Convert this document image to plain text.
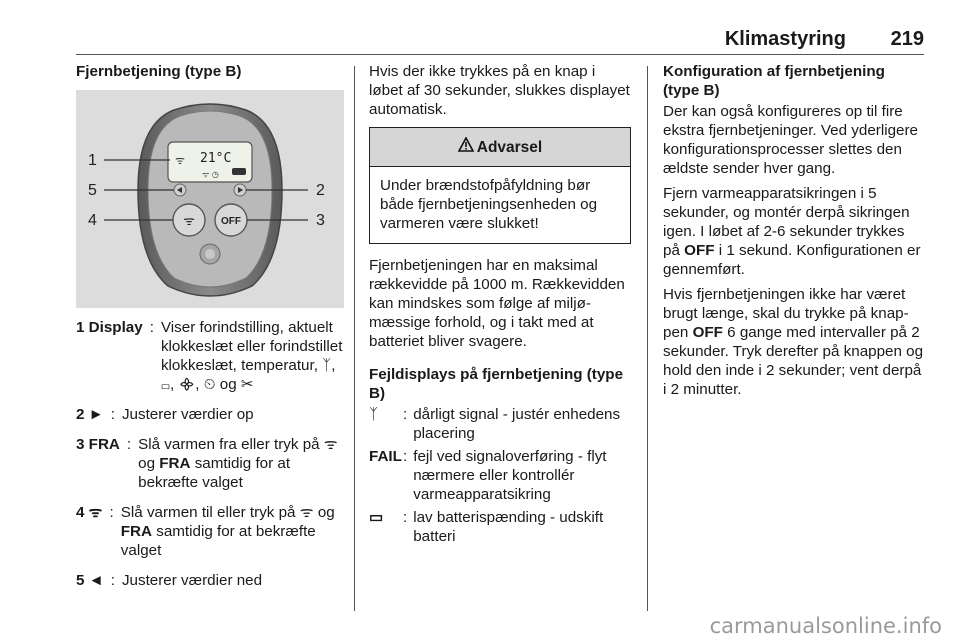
Klimastyring 219
Fjernbetjening (type B)
ᯤ 21°C
ᯤ ◷
ᯤ	OFF
1
2
3
4
5
1 Display : Viser forindstilling, aktuelt klokkeslæt eller forindstillet klokkeslæt, temperatur, ᛉ, ▭, ᯽, ⏲ og ✂
2 ► : Justerer værdier op
3 FRA : Slå varmen fra eller tryk på ᯤ og FRA samtidig for at bekræfte valget
4 ᯤ : Slå varmen til eller tryk på ᯤ og FRA samtidig for at bekræfte valget
5 ◄ : Justerer værdier ned

Hvis der ikke trykkes på en knap i løbet af 30 sekunder, slukkes displayet automatisk.

Advarsel
Under brændstofpåfyldning bør både fjernbetjeningsenheden og varmeren være slukket!

Fjernbetjeningen har en maksimal rækkevidde på 1000 m. Rækkevidden kan mindskes som følge af miljømæssige forhold, og i takt med at batteriet bliver svagere.

Fejldisplays på fjernbetjening (type B)
ᛉ	: dårligt signal - justér enhedens placering
FAIL : fejl ved signaloverføring - flyt nærmere eller kontrollér varmeapparatsikring
▭	: lav batterispænding - udskift batteri
Konfiguration af fjernbetjening (type B)

Der kan også konfigureres op til fire ekstra fjernbetjeninger. Ved yderligere konfigurationsprocesser slettes den ældste sender hver gang.

Fjern varmeapparatsikringen i 5 sekunder, og montér derpå sikringen igen. I løbet af 2-6 sekunder trykkes på OFF i 1 sekund. Konfigurationen er gennemført.

Hvis fjernbetjeningen ikke har været brugt længe, skal du trykke på knappen OFF 6 gange med intervaller på 2 sekunder. Tryk derefter på knappen og hold den inde i 2 sekunder; vent derpå i 2 minutter.

carmanualsonline.info
